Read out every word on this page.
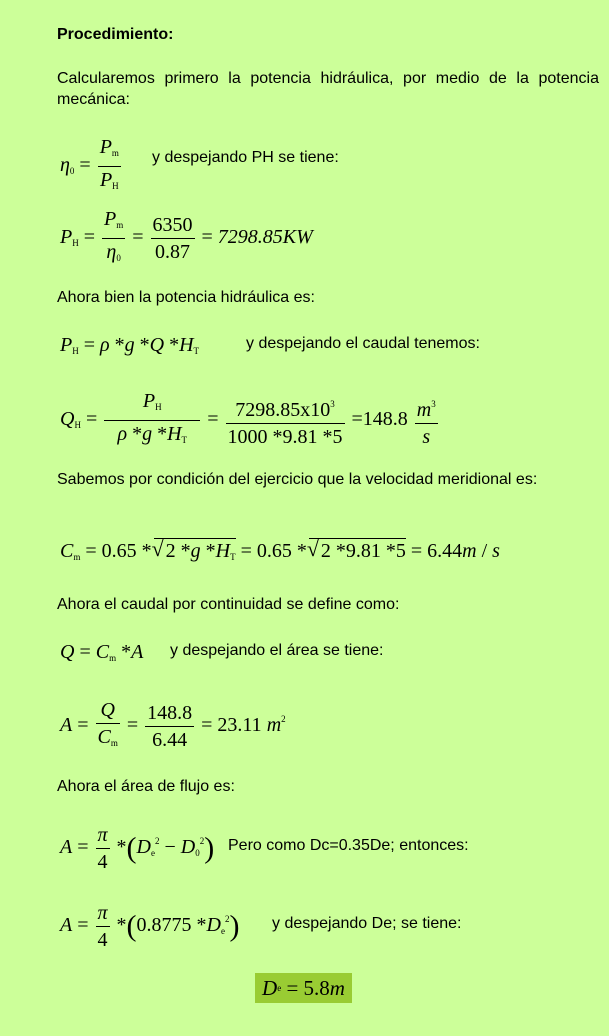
Procedimiento:
Calcularemos primero la potencia hidráulica, por medio de la potencia mecánica:
$\eta_0 = \frac{P_m}{P_H}$ y despejando PH se tiene:
$P_H = \frac{P_m}{\eta_0} = \frac{6350}{0.87} = 7298.85KW$
Ahora bien la potencia hidráulica es:
$P_H = \rho$ *g *Q $*H_T$	y despejando el caudal tenemos:
$Q_H = \frac{P_H}{\rho *g *H_T} = \frac{7298.85x10^3}{1000 *9.81 *5} =148.8 \frac{m^3}{s}$
Sabemos por condición del ejercicio que la velocidad meridional es:
$C_m = 0.65$ * √ 2 *g $*H_T = 0.65$ * √ 2 *9.81 *5 = 6.44m / s
Ahora el caudal por continuidad se define como:
$Q = C_m$ *A y despejando el área se tiene:
$A = \frac{Q}{C_m} = \frac{148.8}{6.44} = 23.11$ $m^2$
Ahora el área de flujo es:
$A = \frac{\pi}{4} *(D_e^2 - D_0^2)$ Pero como Dc=0.35De; entonces:
$A = \frac{\pi}{4} *(0.8775$ $*D_e^2$) y despejando De; se tiene:
D e = 5.8 m
